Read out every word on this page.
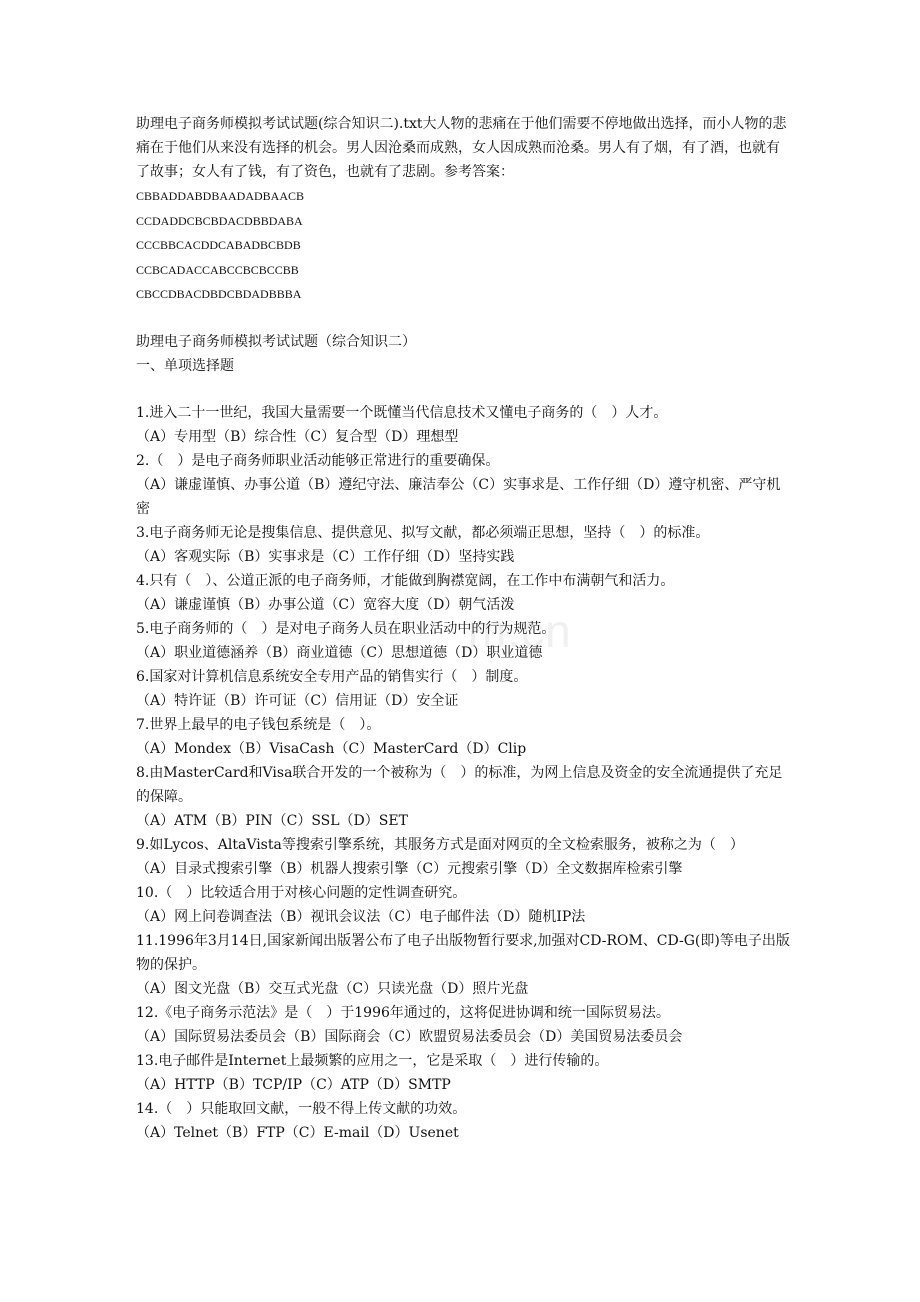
m.cn
助理电子商务师模拟考试试题(综合知识二).txt大人物的悲痛在于他们需要不停地做出选择，而小人物的悲痛在于他们从来没有选择的机会。男人因沧桑而成熟，女人因成熟而沧桑。男人有了烟，有了酒，也就有了故事；女人有了钱，有了资色，也就有了悲剧。参考答案：
CBBADDABDBAADADBAACB
CCDADDCBCBDACDBBDABA
CCCBBCACDDCABADBCBDB
CCBCADACCABCCBCBCCBB
CBCCDBACDBDCBDADBBBA
助理电子商务师模拟考试试题（综合知识二）
一、单项选择题
1.进入二十一世纪，我国大量需要一个既懂当代信息技术又懂电子商务的（　）人才。
（A）专用型（B）综合性（C）复合型（D）理想型
2.（　）是电子商务师职业活动能够正常进行的重要确保。
（A）谦虚谨慎、办事公道（B）遵纪守法、廉洁奉公（C）实事求是、工作仔细（D）遵守机密、严守机密
3.电子商务师无论是搜集信息、提供意见、拟写文献，都必须端正思想，坚持（　）的标准。
（A）客观实际（B）实事求是（C）工作仔细（D）坚持实践
4.只有（　）、公道正派的电子商务师，才能做到胸襟宽阔，在工作中布满朝气和活力。
（A）谦虚谨慎（B）办事公道（C）宽容大度（D）朝气活泼
5.电子商务师的（　）是对电子商务人员在职业活动中的行为规范。
（A）职业道德涵养（B）商业道德（C）思想道德（D）职业道德
6.国家对计算机信息系统安全专用产品的销售实行（　）制度。
（A）特许证（B）许可证（C）信用证（D）安全证
7.世界上最早的电子钱包系统是（　）。
（A）Mondex（B）VisaCash（C）MasterCard（D）Clip
8.由MasterCard和Visa联合开发的一个被称为（　）的标准，为网上信息及资金的安全流通提供了充足的保障。
（A）ATM（B）PIN（C）SSL（D）SET
9.如Lycos、AltaVista等搜索引擎系统，其服务方式是面对网页的全文检索服务，被称之为（　）
（A）目录式搜索引擎（B）机器人搜索引擎（C）元搜索引擎（D）全文数据库检索引擎
10.（　）比较适合用于对核心问题的定性调查研究。
（A）网上问卷调查法（B）视讯会议法（C）电子邮件法（D）随机IP法
11.1996年3月14日,国家新闻出版署公布了电子出版物暂行要求,加强对CD-ROM、CD-G(即)等电子出版物的保护。
（A）图文光盘（B）交互式光盘（C）只读光盘（D）照片光盘
12.《电子商务示范法》是（　）于1996年通过的，这将促进协调和统一国际贸易法。
（A）国际贸易法委员会（B）国际商会（C）欧盟贸易法委员会（D）美国贸易法委员会
13.电子邮件是Internet上最频繁的应用之一，它是采取（　）进行传输的。
（A）HTTP（B）TCP/IP（C）ATP（D）SMTP
14.（　）只能取回文献，一般不得上传文献的功效。
（A）Telnet（B）FTP（C）E-mail（D）Usenet
